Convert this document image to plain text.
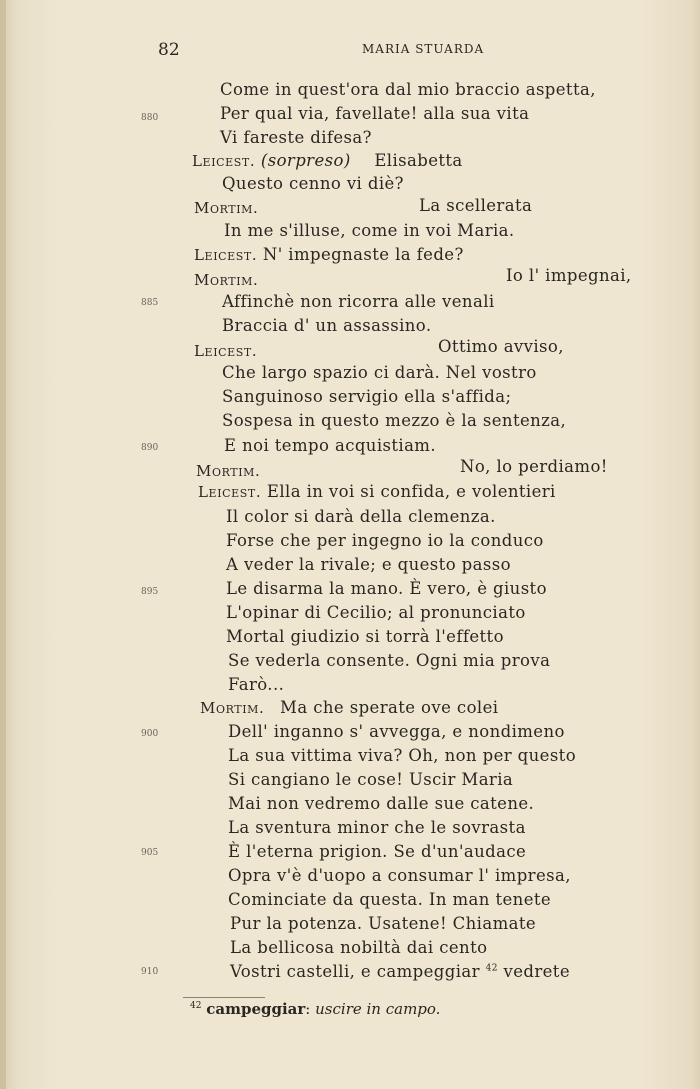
82	MARIA STUARDA
880
885
890
895
900
905
910
Come in quest'ora dal mio braccio aspetta,
Per qual via, favellate! alla sua vita
Vi fareste difesa?
Leicest. (sorpreso) Elisabetta
Questo cenno vi diè?
Mortim.	La scellerata
In me s'illuse, come in voi Maria.
Leicest. N' impegnaste la fede?
Mortim.	Io l' impegnai,
Affinchè non ricorra alle venali
Braccia d' un assassino.
Leicest.	Ottimo avviso,
Che largo spazio ci darà. Nel vostro
Sanguinoso servigio ella s'affida;
Sospesa in questo mezzo è la sentenza,
E noi tempo acquistiam.
Mortim.	No, lo perdiamo!
Leicest. Ella in voi si confida, e volentieri
Il color si darà della clemenza.
Forse che per ingegno io la conduco
A veder la rivale; e questo passo
Le disarma la mano. È vero, è giusto
L'opinar di Cecilio; al pronunciato
Mortal giudizio si torrà l'effetto
Se vederla consente. Ogni mia prova
Farò...
Mortim. Ma che sperate ove colei
Dell' inganno s' avvegga, e nondimeno
La sua vittima viva? Oh, non per questo
Si cangiano le cose! Uscir Maria
Mai non vedremo dalle sue catene.
La sventura minor che le sovrasta
È l'eterna prigion. Se d'un'audace
Opra v'è d'uopo a consumar l' impresa,
Cominciate da questa. In man tenete
Pur la potenza. Usatene! Chiamate
La bellicosa nobiltà dai cento
Vostri castelli, e campeggiar $^{42}$ vedrete
$^{42}$ campeggiar: uscire in campo.
